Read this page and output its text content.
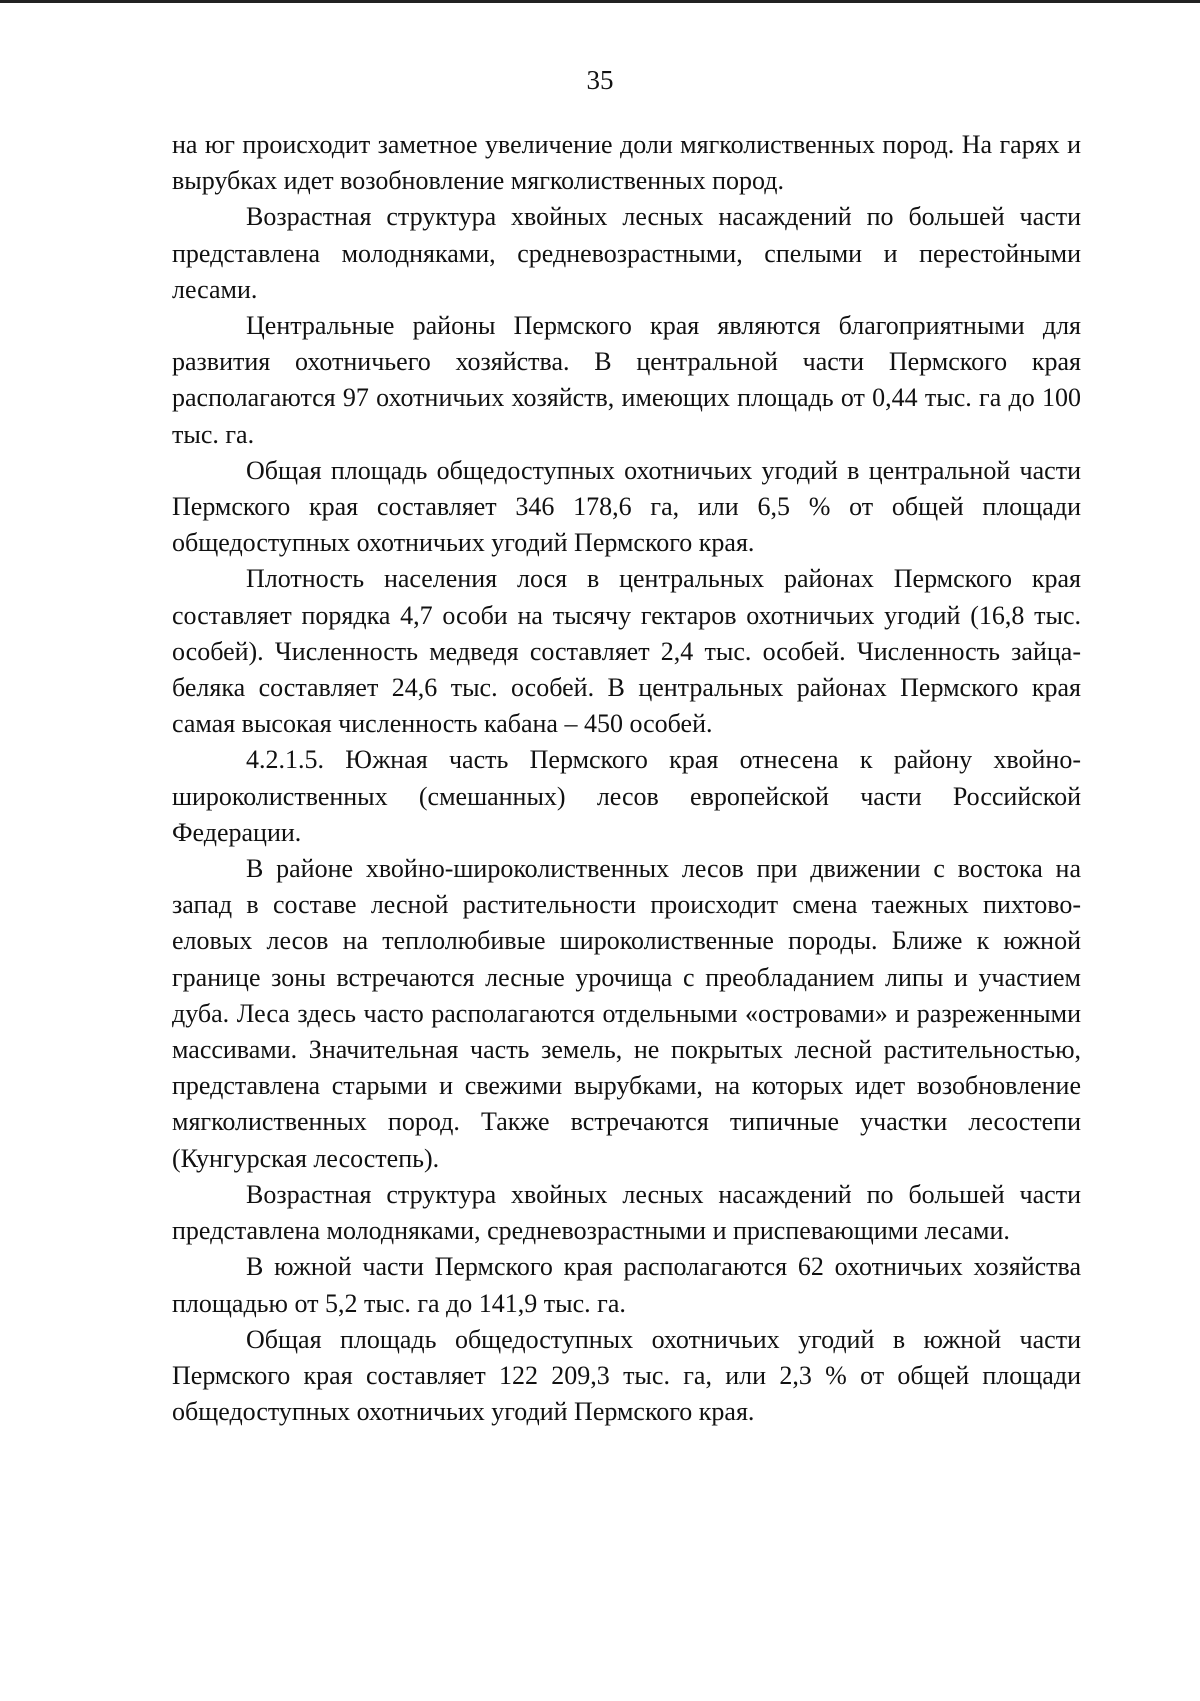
35

на юг происходит заметное увеличение доли мягколиственных пород. На гарях и вырубках идет возобновление мягколиственных пород.

Возрастная структура хвойных лесных насаждений по большей части представлена молодняками, средневозрастными, спелыми и перестойными лесами.

Центральные районы Пермского края являются благоприятными для развития охотничьего хозяйства. В центральной части Пермского края располагаются 97 охотничьих хозяйств, имеющих площадь от 0,44 тыс. га до 100 тыс. га.

Общая площадь общедоступных охотничьих угодий в центральной части Пермского края составляет 346 178,6 га, или 6,5 % от общей площади общедоступных охотничьих угодий Пермского края.

Плотность населения лося в центральных районах Пермского края составляет порядка 4,7 особи на тысячу гектаров охотничьих угодий (16,8 тыс. особей). Численность медведя составляет 2,4 тыс. особей. Численность зайца-беляка составляет 24,6 тыс. особей. В центральных районах Пермского края самая высокая численность кабана – 450 особей.

4.2.1.5. Южная часть Пермского края отнесена к району хвойно-широколиственных (смешанных) лесов европейской части Российской Федерации.

В районе хвойно-широколиственных лесов при движении с востока на запад в составе лесной растительности происходит смена таежных пихтово-еловых лесов на теплолюбивые широколиственные породы. Ближе к южной границе зоны встречаются лесные урочища с преобладанием липы и участием дуба. Леса здесь часто располагаются отдельными «островами» и разреженными массивами. Значительная часть земель, не покрытых лесной растительностью, представлена старыми и свежими вырубками, на которых идет возобновление мягколиственных пород. Также встречаются типичные участки лесостепи (Кунгурская лесостепь).

Возрастная структура хвойных лесных насаждений по большей части представлена молодняками, средневозрастными и приспевающими лесами.

В южной части Пермского края располагаются 62 охотничьих хозяйства площадью от 5,2 тыс. га до 141,9 тыс. га.

Общая площадь общедоступных охотничьих угодий в южной части Пермского края составляет 122 209,3 тыс. га, или 2,3 % от общей площади общедоступных охотничьих угодий Пермского края.
